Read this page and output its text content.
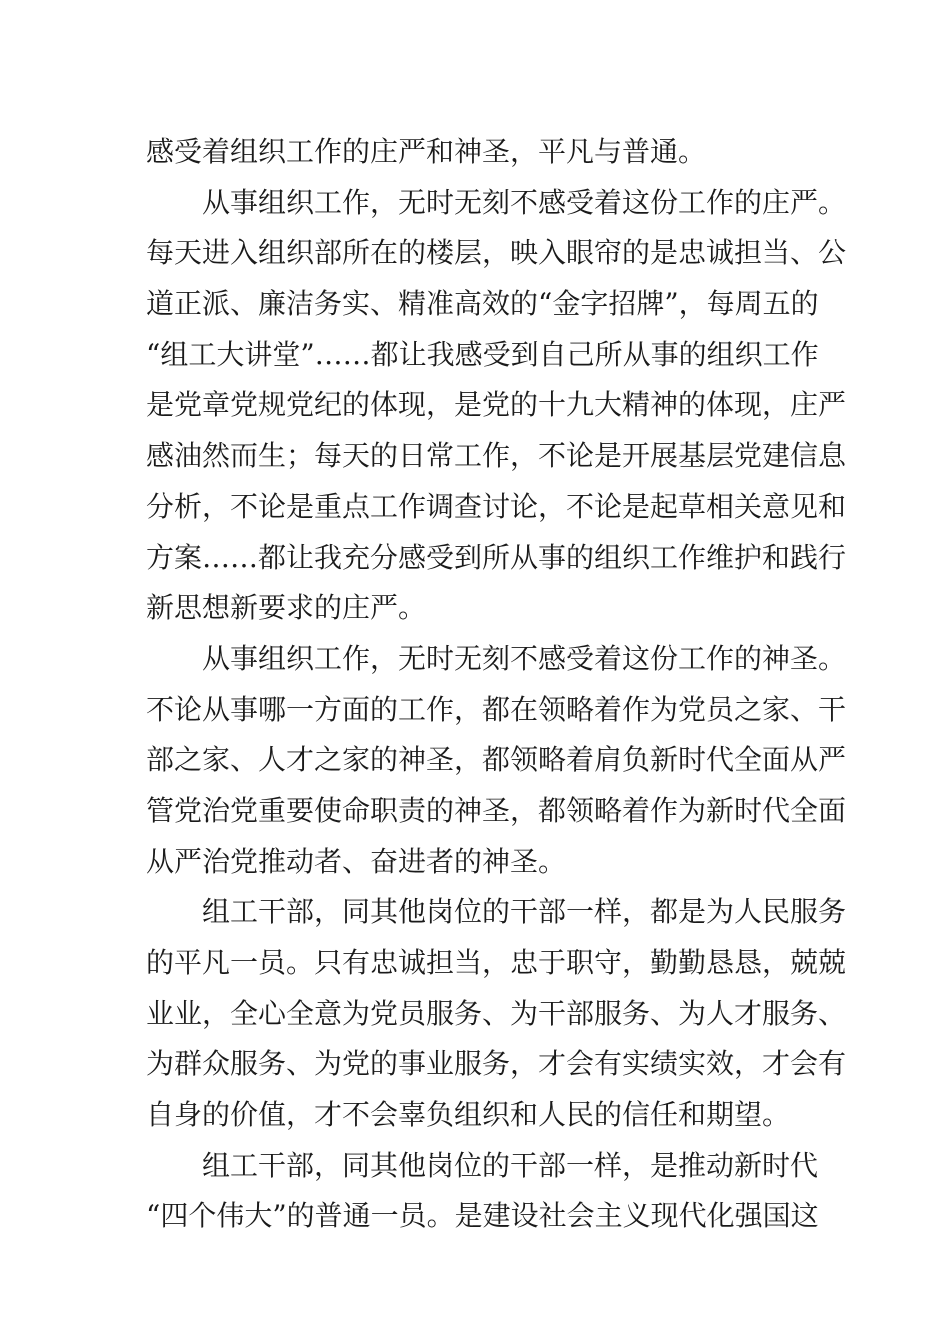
感受着组织工作的庄严和神圣，平凡与普通。
从事组织工作，无时无刻不感受着这份工作的庄严。
每天进入组织部所在的楼层，映入眼帘的是忠诚担当、公
道正派、廉洁务实、精准高效的“金字招牌”，每周五的
“组工大讲堂”……都让我感受到自己所从事的组织工作
是党章党规党纪的体现，是党的十九大精神的体现，庄严
感油然而生；每天的日常工作，不论是开展基层党建信息
分析，不论是重点工作调查讨论，不论是起草相关意见和
方案……都让我充分感受到所从事的组织工作维护和践行
新思想新要求的庄严。
从事组织工作，无时无刻不感受着这份工作的神圣。
不论从事哪一方面的工作，都在领略着作为党员之家、干
部之家、人才之家的神圣，都领略着肩负新时代全面从严
管党治党重要使命职责的神圣，都领略着作为新时代全面
从严治党推动者、奋进者的神圣。
组工干部，同其他岗位的干部一样，都是为人民服务
的平凡一员。只有忠诚担当，忠于职守，勤勤恳恳，兢兢
业业，全心全意为党员服务、为干部服务、为人才服务、
为群众服务、为党的事业服务，才会有实绩实效，才会有
自身的价值，才不会辜负组织和人民的信任和期望。
组工干部，同其他岗位的干部一样，是推动新时代
“四个伟大”的普通一员。是建设社会主义现代化强国这
